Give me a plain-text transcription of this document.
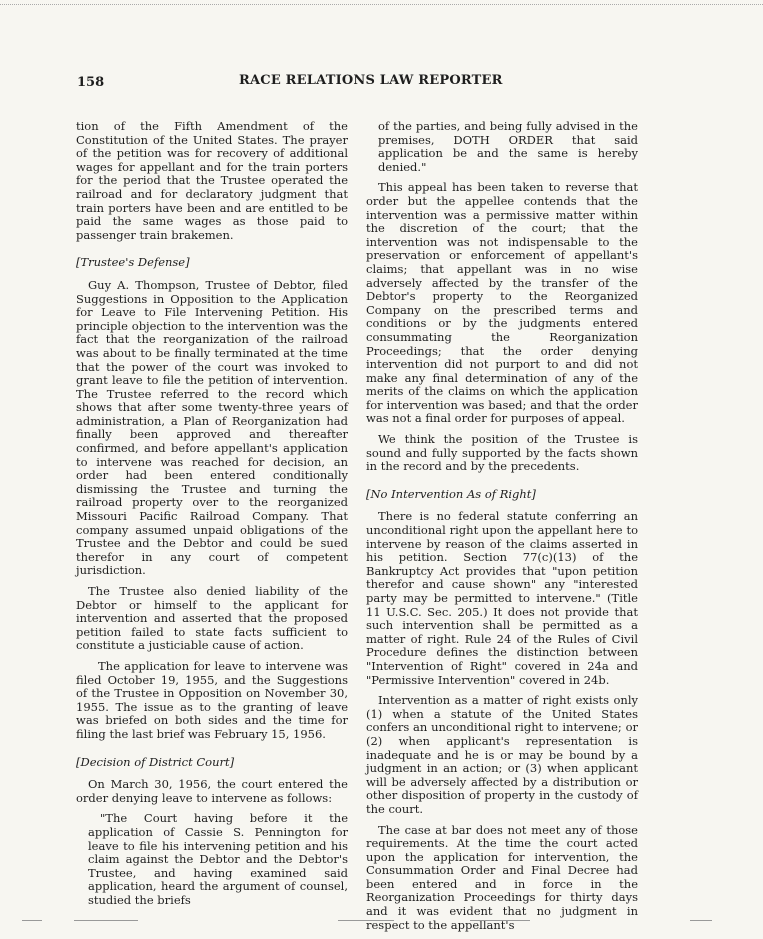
158	RACE RELATIONS LAW REPORTER

tion of the Fifth Amendment of the Constitution of the United States. The prayer of the petition was for recovery of additional wages for appellant and for the train porters for the period that the Trustee operated the railroad and for declaratory judgment that train porters have been and are entitled to be paid the same wages as those paid to passenger train brakemen.

[Trustee's Defense]

Guy A. Thompson, Trustee of Debtor, filed Suggestions in Opposition to the Application for Leave to File Intervening Petition. His principle objection to the intervention was the fact that the reorganization of the railroad was about to be finally terminated at the time that the power of the court was invoked to grant leave to file the petition of intervention. The Trustee referred to the record which shows that after some twenty-three years of administration, a Plan of Reorganization had finally been approved and thereafter confirmed, and before appellant's application to intervene was reached for decision, an order had been entered conditionally dismissing the Trustee and turning the railroad property over to the reorganized Missouri Pacific Railroad Company. That company assumed unpaid obligations of the Trustee and the Debtor and could be sued therefor in any court of competent jurisdiction.

The Trustee also denied liability of the Debtor or himself to the applicant for intervention and asserted that the proposed petition failed to state facts sufficient to constitute a justiciable cause of action.

The application for leave to intervene was filed October 19, 1955, and the Suggestions of the Trustee in Opposition on November 30, 1955. The issue as to the granting of leave was briefed on both sides and the time for filing the last brief was February 15, 1956.

[Decision of District Court]

On March 30, 1956, the court entered the order denying leave to intervene as follows:

"The Court having before it the application of Cassie S. Pennington for leave to file his intervening petition and his claim against the Debtor and the Debtor's Trustee, and having examined said application, heard the argument of counsel, studied the briefs

of the parties, and being fully advised in the premises, DOTH ORDER that said application be and the same is hereby denied."

This appeal has been taken to reverse that order but the appellee contends that the intervention was a permissive matter within the discretion of the court; that the intervention was not indispensable to the preservation or enforcement of appellant's claims; that appellant was in no wise adversely affected by the transfer of the Debtor's property to the Reorganized Company on the prescribed terms and conditions or by the judgments entered consummating the Reorganization Proceedings; that the order denying intervention did not purport to and did not make any final determination of any of the merits of the claims on which the application for intervention was based; and that the order was not a final order for purposes of appeal.

We think the position of the Trustee is sound and fully supported by the facts shown in the record and by the precedents.

[No Intervention As of Right]

There is no federal statute conferring an unconditional right upon the appellant here to intervene by reason of the claims asserted in his petition. Section 77(c)(13) of the Bankruptcy Act provides that "upon petition therefor and cause shown" any "interested party may be permitted to intervene." (Title 11 U.S.C. Sec. 205.) It does not provide that such intervention shall be permitted as a matter of right. Rule 24 of the Rules of Civil Procedure defines the distinction between "Intervention of Right" covered in 24a and "Permissive Intervention" covered in 24b.

Intervention as a matter of right exists only (1) when a statute of the United States confers an unconditional right to intervene; or (2) when applicant's representation is inadequate and he is or may be bound by a judgment in an action; or (3) when applicant will be adversely affected by a distribution or other disposition of property in the custody of the court.

The case at bar does not meet any of those requirements. At the time the court acted upon the application for intervention, the Consummation Order and Final Decree had been entered and in force in the Reorganization Proceedings for thirty days and it was evident that no judgment in respect to the appellant's
